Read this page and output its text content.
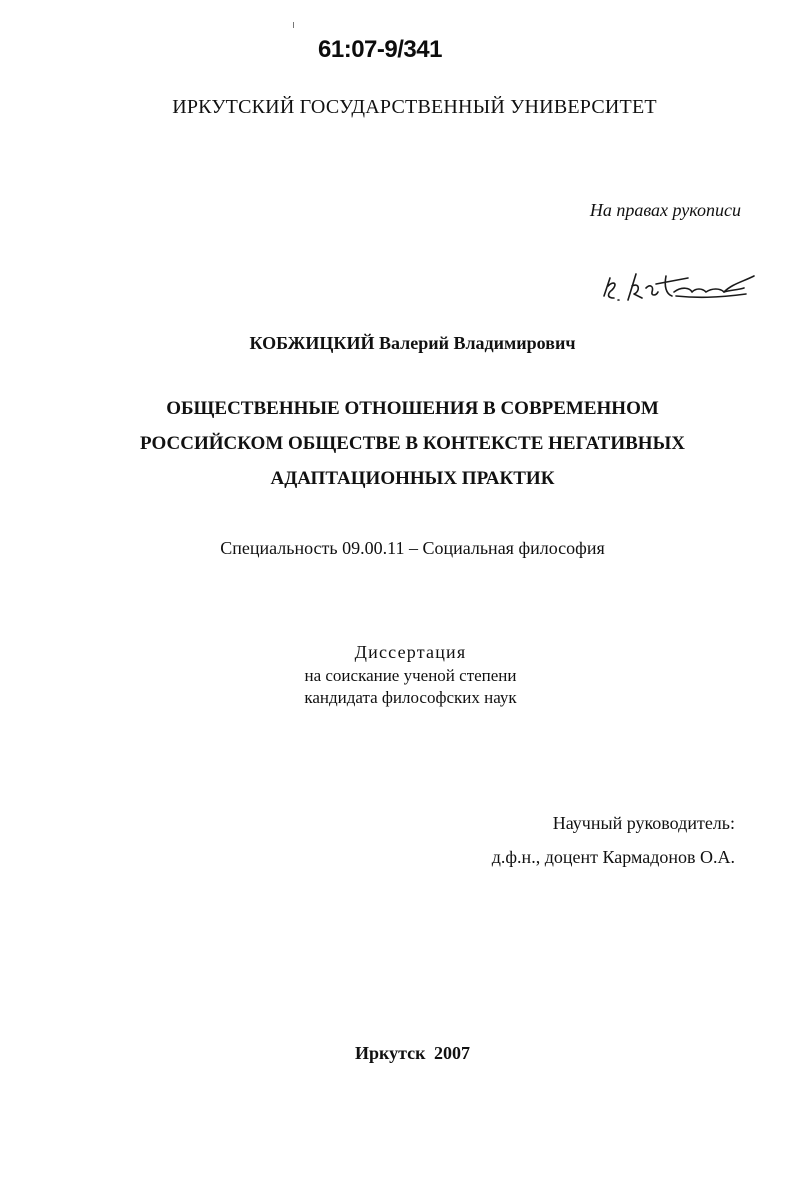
61:07-9/341
ИРКУТСКИЙ ГОСУДАРСТВЕННЫЙ УНИВЕРСИТЕТ
На правах рукописи
КОБЖИЦКИЙ Валерий Владимирович
ОБЩЕСТВЕННЫЕ ОТНОШЕНИЯ В СОВРЕМЕННОМ
РОССИЙСКОМ ОБЩЕСТВЕ В КОНТЕКСТЕ НЕГАТИВНЫХ
АДАПТАЦИОННЫХ ПРАКТИК
Специальность 09.00.11 – Социальная философия
Диссертация
на соискание ученой степени
кандидата философских наук
Научный руководитель:
д.ф.н., доцент Кармадонов О.А.
Иркутск 2007
